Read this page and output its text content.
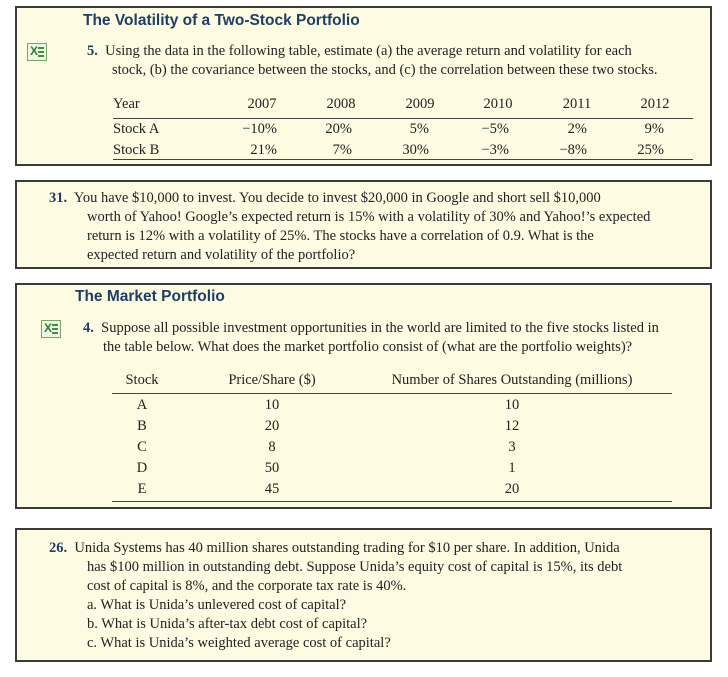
The Volatility of a Two-Stock Portfolio
X	5. Using the data in the following table, estimate (a) the average return and volatility for each
stock, (b) the covariance between the stocks, and (c) the correlation between these two stocks.
Year	2007	2008	2009	2010	2011	2012
Stock A	−10%	20%	5%	−5%	2%	9%
Stock B	21%	7%	30%	−3%	−8%	25%
31. You have $10,000 to invest. You decide to invest $20,000 in Google and short sell $10,000
worth of Yahoo! Google’s expected return is 15% with a volatility of 30% and Yahoo!’s expected
return is 12% with a volatility of 25%. The stocks have a correlation of 0.9. What is the
expected return and volatility of the portfolio?
The Market Portfolio
X 4. Suppose all possible investment opportunities in the world are limited to the five stocks listed in
the table below. What does the market portfolio consist of (what are the portfolio weights)?
Stock	Price/Share ($)	Number of Shares Outstanding (millions)
A	10	10
B	20	12
C	8	3
D	50	1
E	45	20
26. Unida Systems has 40 million shares outstanding trading for $10 per share. In addition, Unida
has $100 million in outstanding debt. Suppose Unida’s equity cost of capital is 15%, its debt
cost of capital is 8%, and the corporate tax rate is 40%.
a. What is Unida’s unlevered cost of capital?
b. What is Unida’s after-tax debt cost of capital?
c. What is Unida’s weighted average cost of capital?
